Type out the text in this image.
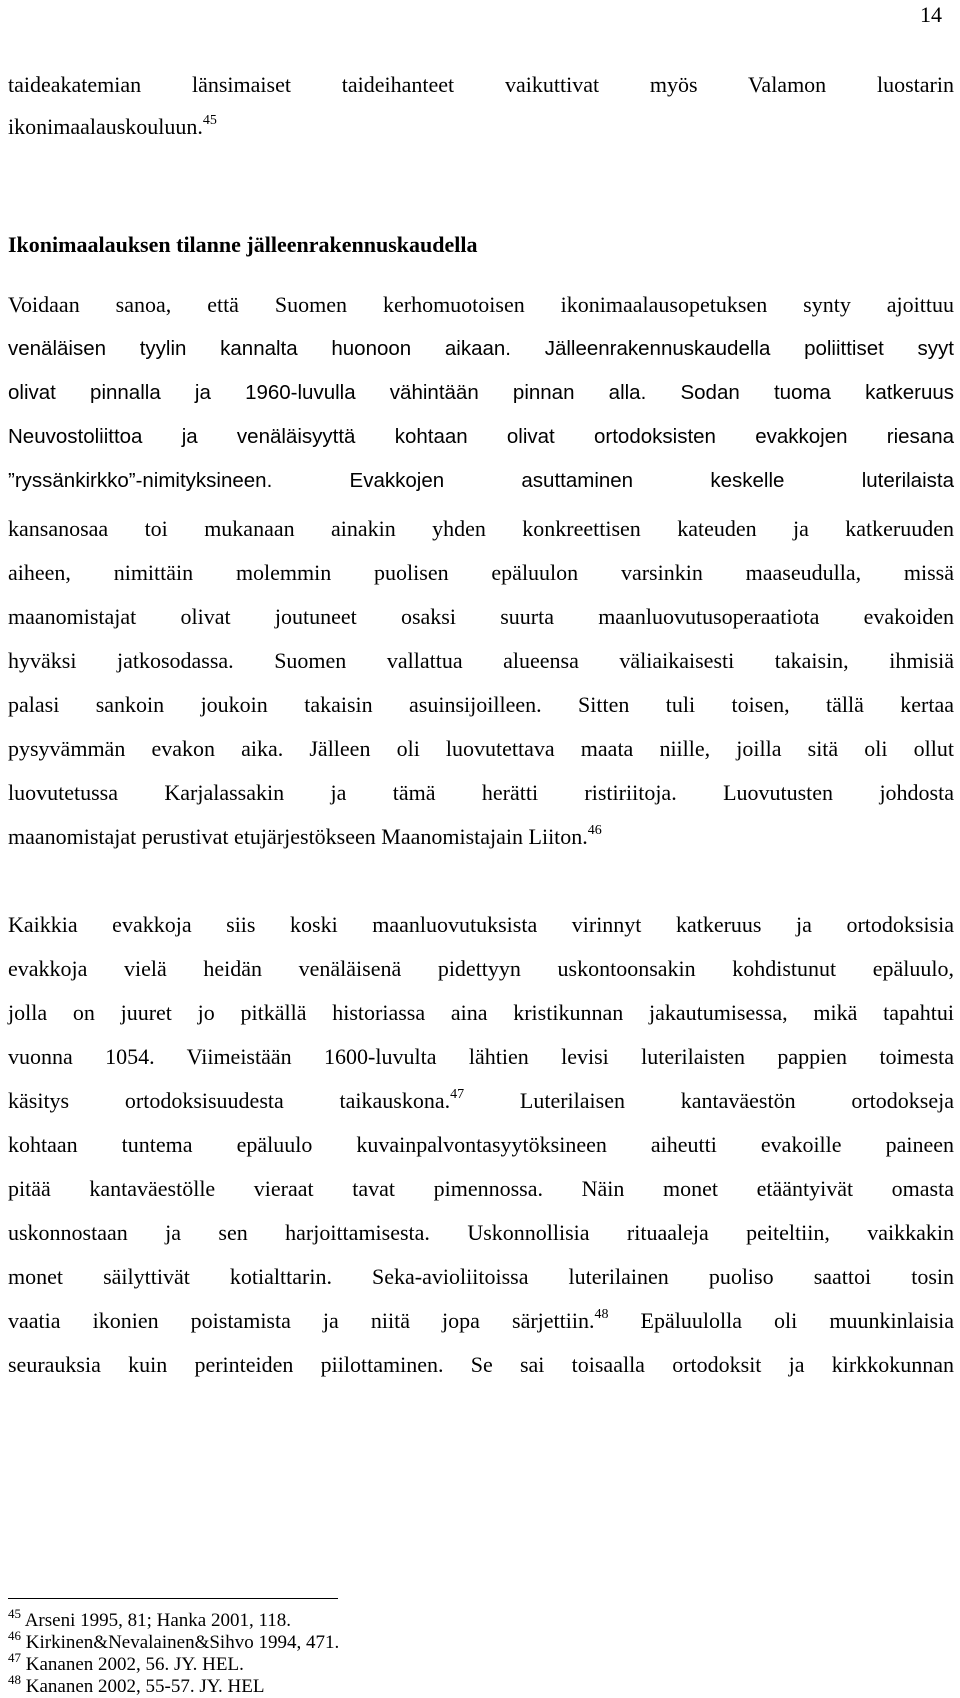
14
taideakatemian länsimaiset taideihanteet vaikuttivat myös Valamon luostarin
ikonimaalauskouluun.$^{45}$
Ikonimaalauksen tilanne jälleenrakennuskaudella
Voidaan sanoa, että Suomen kerhomuotoisen ikonimaalausopetuksen synty ajoittuu
venäläisen tyylin kannalta huonoon aikaan. Jälleenrakennuskaudella poliittiset syyt
olivat pinnalla ja 1960-luvulla vähintään pinnan alla. Sodan tuoma katkeruus
Neuvostoliittoa ja venäläisyyttä kohtaan olivat ortodoksisten evakkojen riesana
”ryssänkirkko”-nimityksineen. Evakkojen asuttaminen keskelle luterilaista
kansanosaa toi mukanaan ainakin yhden konkreettisen kateuden ja katkeruuden
aiheen, nimittäin molemmin puolisen epäluulon varsinkin maaseudulla, missä
maanomistajat olivat joutuneet osaksi suurta maanluovutusoperaatiota evakoiden
hyväksi jatkosodassa. Suomen vallattua alueensa väliaikaisesti takaisin, ihmisiä
palasi sankoin joukoin takaisin asuinsijoilleen. Sitten tuli toisen, tällä kertaa
pysyvämmän evakon aika. Jälleen oli luovutettava maata niille, joilla sitä oli ollut
luovutetussa Karjalassakin ja tämä herätti ristiriitoja. Luovutusten johdosta
maanomistajat perustivat etujärjestökseen Maanomistajain Liiton.$^{46}$
Kaikkia evakkoja siis koski maanluovutuksista virinnyt katkeruus ja ortodoksisia
evakkoja vielä heidän venäläisenä pidettyyn uskontoonsakin kohdistunut epäluulo,
jolla on juuret jo pitkällä historiassa aina kristikunnan jakautumisessa, mikä tapahtui
vuonna 1054. Viimeistään 1600-luvulta lähtien levisi luterilaisten pappien toimesta
käsitys ortodoksisuudesta taikauskona.$^{47}$ Luterilaisen kantaväestön ortodokseja
kohtaan tuntema epäluulo kuvainpalvontasyytöksineen aiheutti evakoille paineen
pitää kantaväestölle vieraat tavat pimennossa. Näin monet etääntyivät omasta
uskonnostaan ja sen harjoittamisesta. Uskonnollisia rituaaleja peiteltiin, vaikkakin
monet säilyttivät kotialttarin. Seka-avioliitoissa luterilainen puoliso saattoi tosin
vaatia ikonien poistamista ja niitä jopa särjettiin.$^{48}$ Epäluulolla oli muunkinlaisia
seurauksia kuin perinteiden piilottaminen. Se sai toisaalla ortodoksit ja kirkkokunnan
$^{45}$ Arseni 1995, 81; Hanka 2001, 118.
$^{46}$ Kirkinen&Nevalainen&Sihvo 1994, 471.
$^{47}$ Kananen 2002, 56. JY. HEL.
$^{48}$ Kananen 2002, 55-57. JY. HEL
